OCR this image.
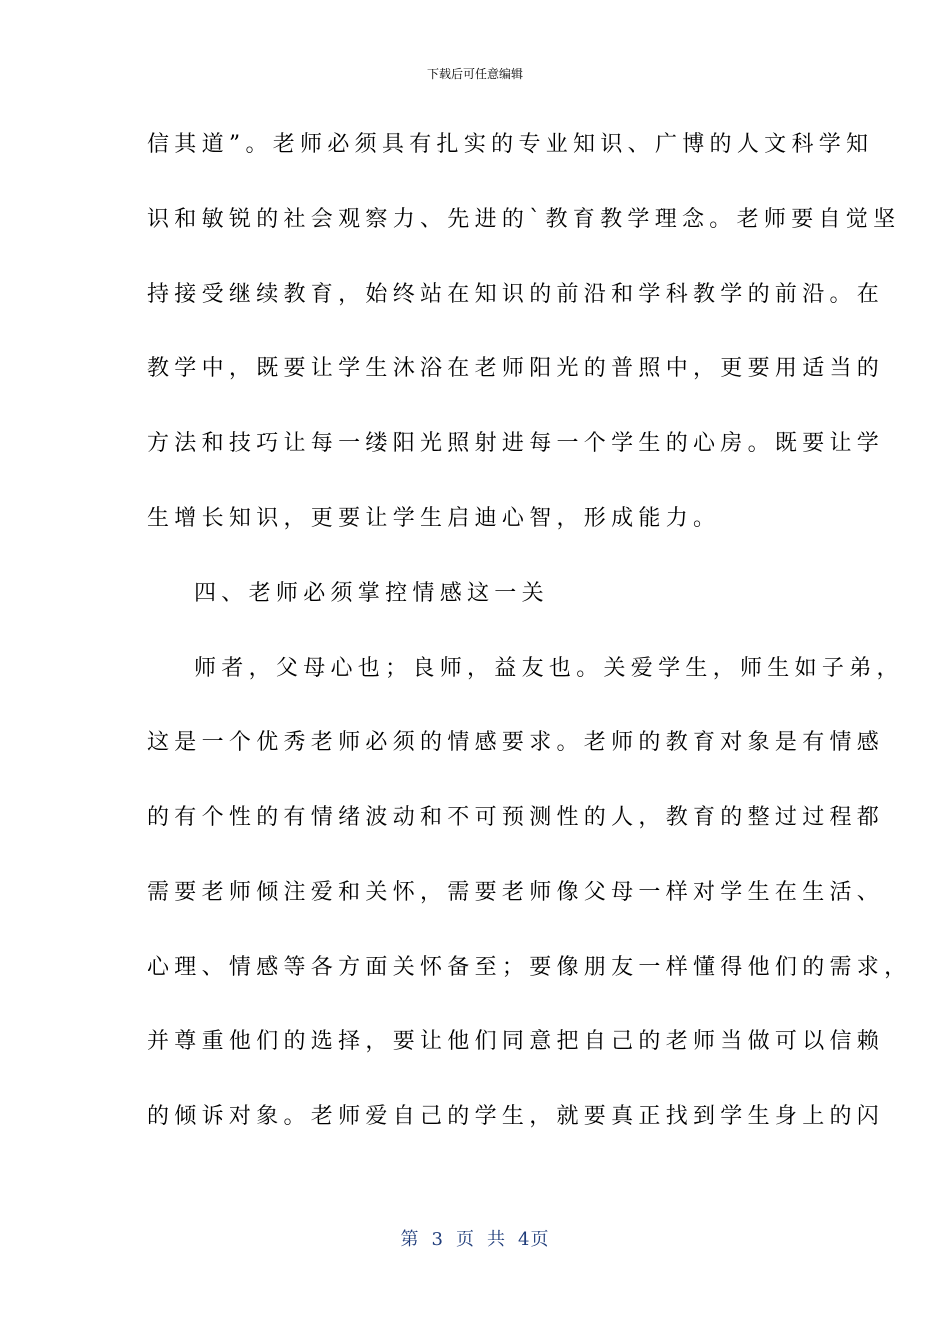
下载后可任意编辑
信其道”。老师必须具有扎实的专业知识、广博的人文科学知
识和敏锐的社会观察力、先进的`教育教学理念。老师要自觉坚
持接受继续教育，始终站在知识的前沿和学科教学的前沿。在
教学中，既要让学生沐浴在老师阳光的普照中，更要用适当的
方法和技巧让每一缕阳光照射进每一个学生的心房。既要让学
生增长知识，更要让学生启迪心智，形成能力。
四、老师必须掌控情感这一关
师者，父母心也；良师，益友也。关爱学生，师生如子弟，
这是一个优秀老师必须的情感要求。老师的教育对象是有情感
的有个性的有情绪波动和不可预测性的人，教育的整过过程都
需要老师倾注爱和关怀，需要老师像父母一样对学生在生活、
心理、情感等各方面关怀备至；要像朋友一样懂得他们的需求，
并尊重他们的选择，要让他们同意把自己的老师当做可以信赖
的倾诉对象。老师爱自己的学生，就要真正找到学生身上的闪
第 3 页 共 4页
